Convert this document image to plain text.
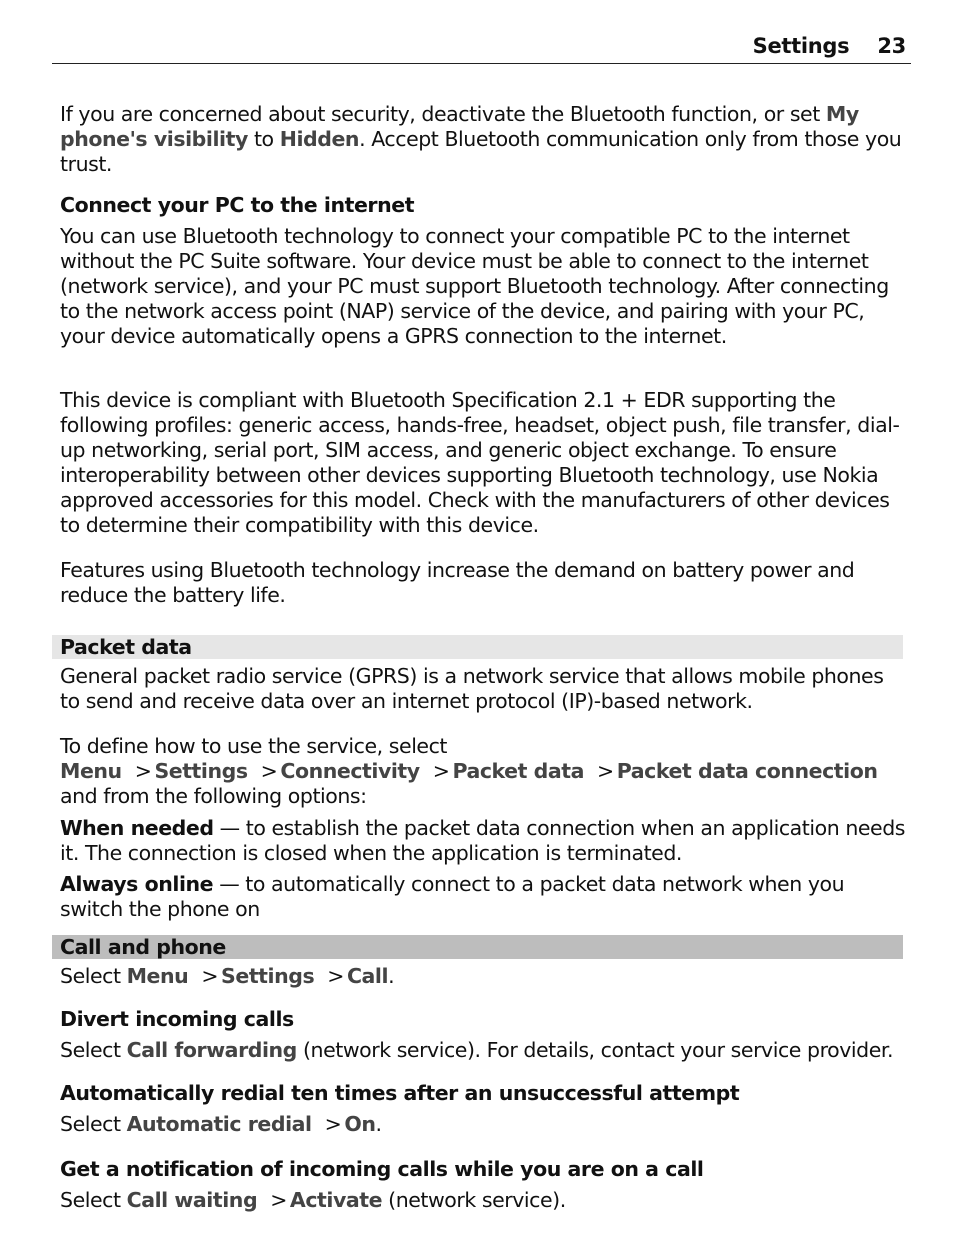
Settings 23

If you are concerned about security, deactivate the Bluetooth function, or set My phone's visibility to Hidden. Accept Bluetooth communication only from those you trust.

Connect your PC to the internet

You can use Bluetooth technology to connect your compatible PC to the internet without the PC Suite software. Your device must be able to connect to the internet (network service), and your PC must support Bluetooth technology. After connecting to the network access point (NAP) service of the device, and pairing with your PC, your device automatically opens a GPRS connection to the internet.

This device is compliant with Bluetooth Specification 2.1 + EDR supporting the following profiles: generic access, hands-free, headset, object push, file transfer, dial-up networking, serial port, SIM access, and generic object exchange. To ensure interoperability between other devices supporting Bluetooth technology, use Nokia approved accessories for this model. Check with the manufacturers of other devices to determine their compatibility with this device.

Features using Bluetooth technology increase the demand on battery power and reduce the battery life.

Packet data

General packet radio service (GPRS) is a network service that allows mobile phones to send and receive data over an internet protocol (IP)-based network.

To define how to use the service, select Menu > Settings > Connectivity > Packet data > Packet data connection and from the following options:

When needed — to establish the packet data connection when an application needs it. The connection is closed when the application is terminated.

Always online — to automatically connect to a packet data network when you switch the phone on

Call and phone

Select Menu > Settings > Call.

Divert incoming calls

Select Call forwarding (network service). For details, contact your service provider.

Automatically redial ten times after an unsuccessful attempt

Select Automatic redial > On.

Get a notification of incoming calls while you are on a call

Select Call waiting > Activate (network service).
